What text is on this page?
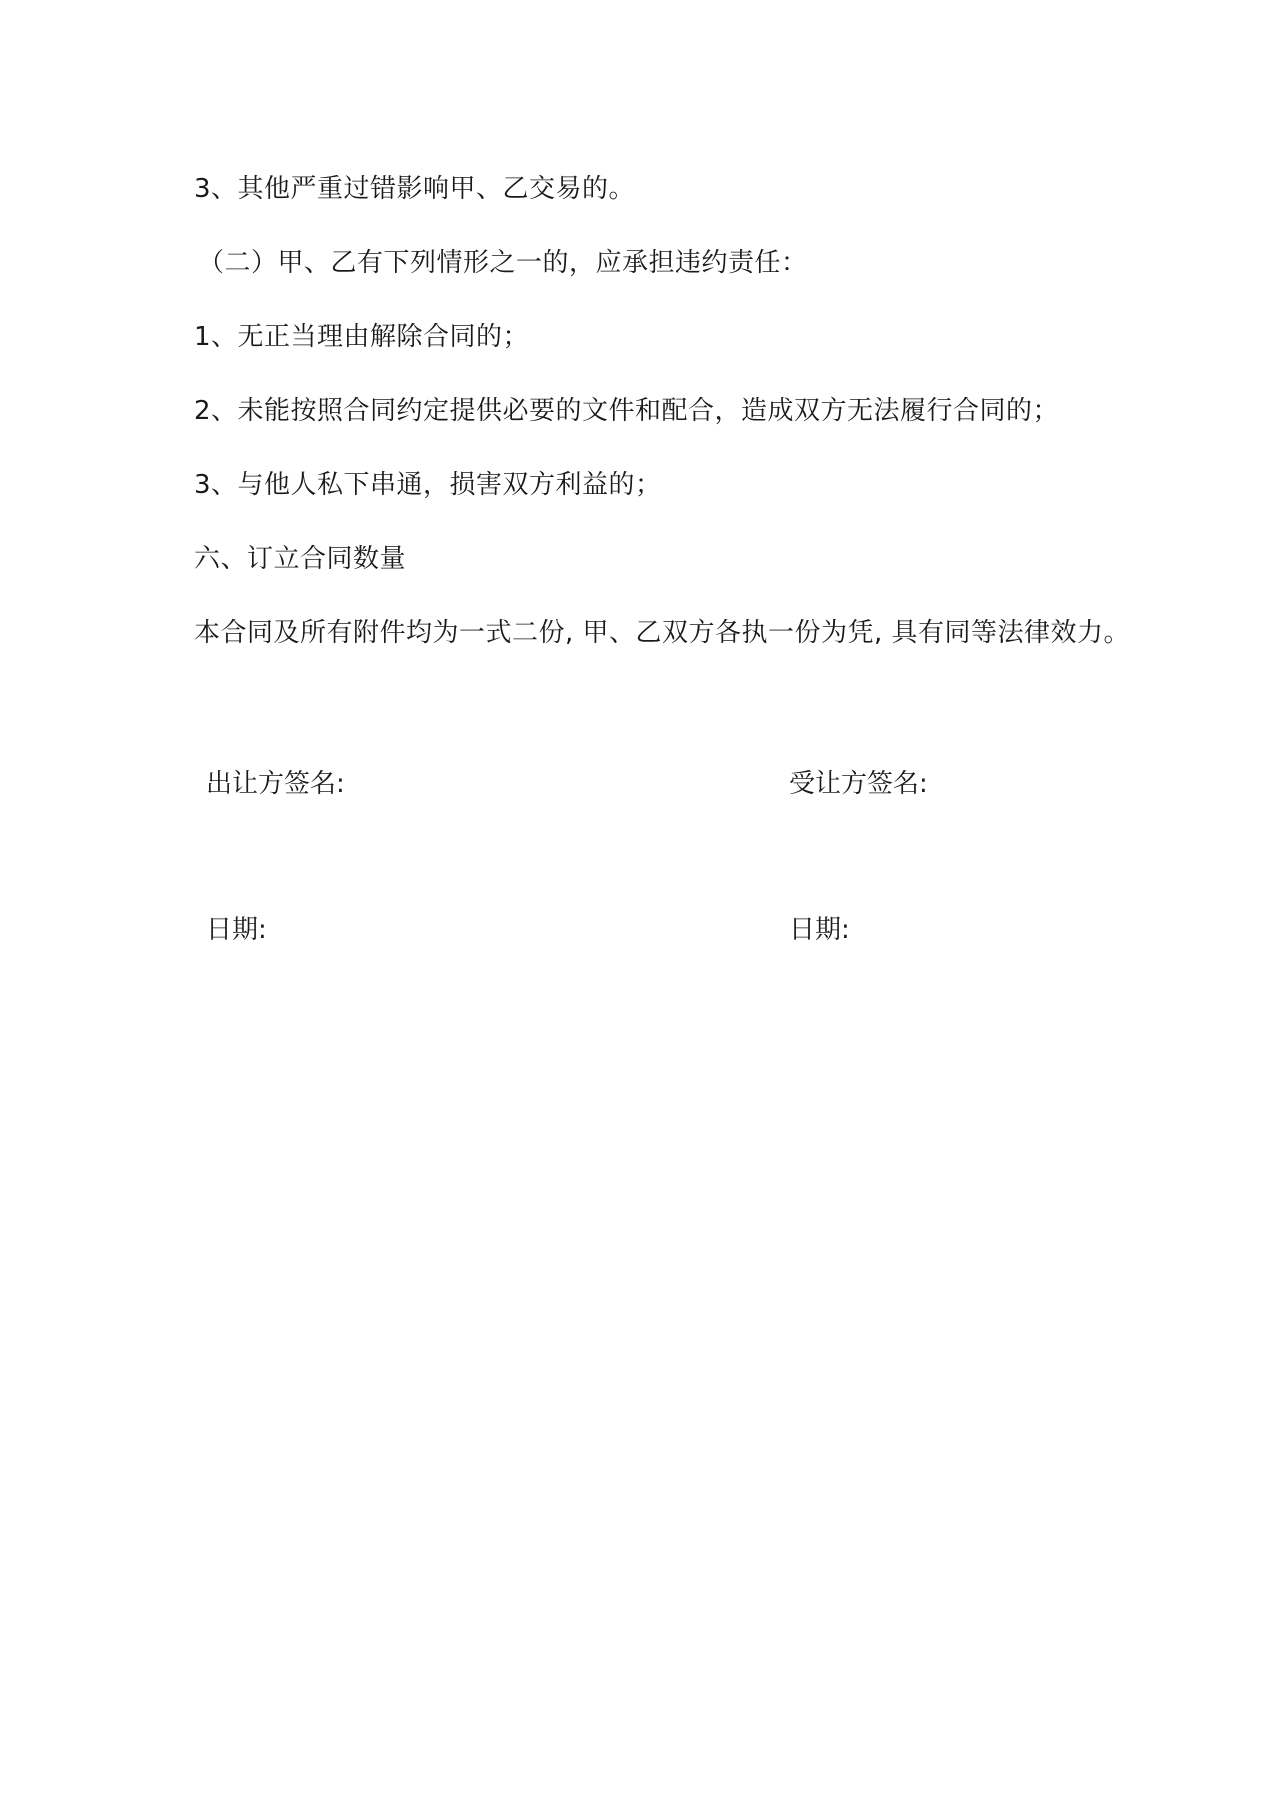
3、其他严重过错影响甲、乙交易的。
（二）甲、乙有下列情形之一的，应承担违约责任：
1、无正当理由解除合同的；
2、未能按照合同约定提供必要的文件和配合，造成双方无法履行合同的；
3、与他人私下串通，损害双方利益的；
六、订立合同数量
本合同及所有附件均为一式二份, 甲、乙双方各执一份为凭, 具有同等法律效力。
出让方签名:	受让方签名:
日期:	日期:
